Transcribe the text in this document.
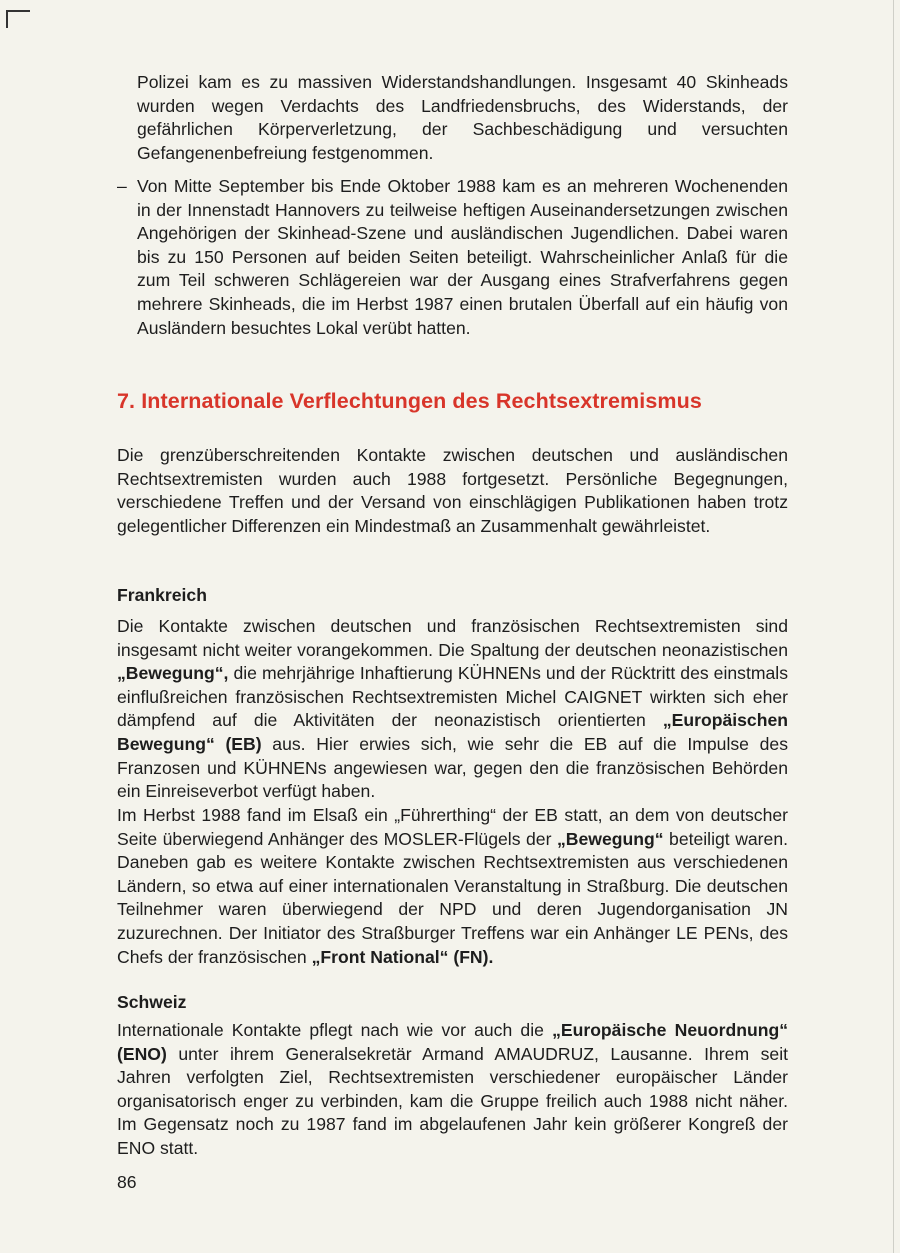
Polizei kam es zu massiven Widerstandshandlungen. Insgesamt 40 Skinheads wurden wegen Verdachts des Landfriedensbruchs, des Widerstands, der gefährlichen Körperverletzung, der Sachbeschädigung und versuchten Gefangenenbefreiung festgenommen.

– Von Mitte September bis Ende Oktober 1988 kam es an mehreren Wochenenden in der Innenstadt Hannovers zu teilweise heftigen Auseinandersetzungen zwischen Angehörigen der Skinhead-Szene und ausländischen Jugendlichen. Dabei waren bis zu 150 Personen auf beiden Seiten beteiligt. Wahrscheinlicher Anlaß für die zum Teil schweren Schlägereien war der Ausgang eines Strafverfahrens gegen mehrere Skinheads, die im Herbst 1987 einen brutalen Überfall auf ein häufig von Ausländern besuchtes Lokal verübt hatten.

7. Internationale Verflechtungen des Rechtsextremismus

Die grenzüberschreitenden Kontakte zwischen deutschen und ausländischen Rechtsextremisten wurden auch 1988 fortgesetzt. Persönliche Begegnungen, verschiedene Treffen und der Versand von einschlägigen Publikationen haben trotz gelegentlicher Differenzen ein Mindestmaß an Zusammenhalt gewährleistet.

Frankreich

Die Kontakte zwischen deutschen und französischen Rechtsextremisten sind insgesamt nicht weiter vorangekommen. Die Spaltung der deutschen neonazistischen „Bewegung“, die mehrjährige Inhaftierung KÜHNENs und der Rücktritt des einstmals einflußreichen französischen Rechtsextremisten Michel CAIGNET wirkten sich eher dämpfend auf die Aktivitäten der neonazistisch orientierten „Europäischen Bewegung“ (EB) aus. Hier erwies sich, wie sehr die EB auf die Impulse des Franzosen und KÜHNENs angewiesen war, gegen den die französischen Behörden ein Einreiseverbot verfügt haben.

Im Herbst 1988 fand im Elsaß ein „Führerthing“ der EB statt, an dem von deutscher Seite überwiegend Anhänger des MOSLER-Flügels der „Bewegung“ beteiligt waren. Daneben gab es weitere Kontakte zwischen Rechtsextremisten aus verschiedenen Ländern, so etwa auf einer internationalen Veranstaltung in Straßburg. Die deutschen Teilnehmer waren überwiegend der NPD und deren Jugendorganisation JN zuzurechnen. Der Initiator des Straßburger Treffens war ein Anhänger LE PENs, des Chefs der französischen „Front National“ (FN).

Schweiz

Internationale Kontakte pflegt nach wie vor auch die „Europäische Neuordnung“ (ENO) unter ihrem Generalsekretär Armand AMAUDRUZ, Lausanne. Ihrem seit Jahren verfolgten Ziel, Rechtsextremisten verschiedener europäischer Länder organisatorisch enger zu verbinden, kam die Gruppe freilich auch 1988 nicht näher. Im Gegensatz noch zu 1987 fand im abgelaufenen Jahr kein größerer Kongreß der ENO statt.

86
